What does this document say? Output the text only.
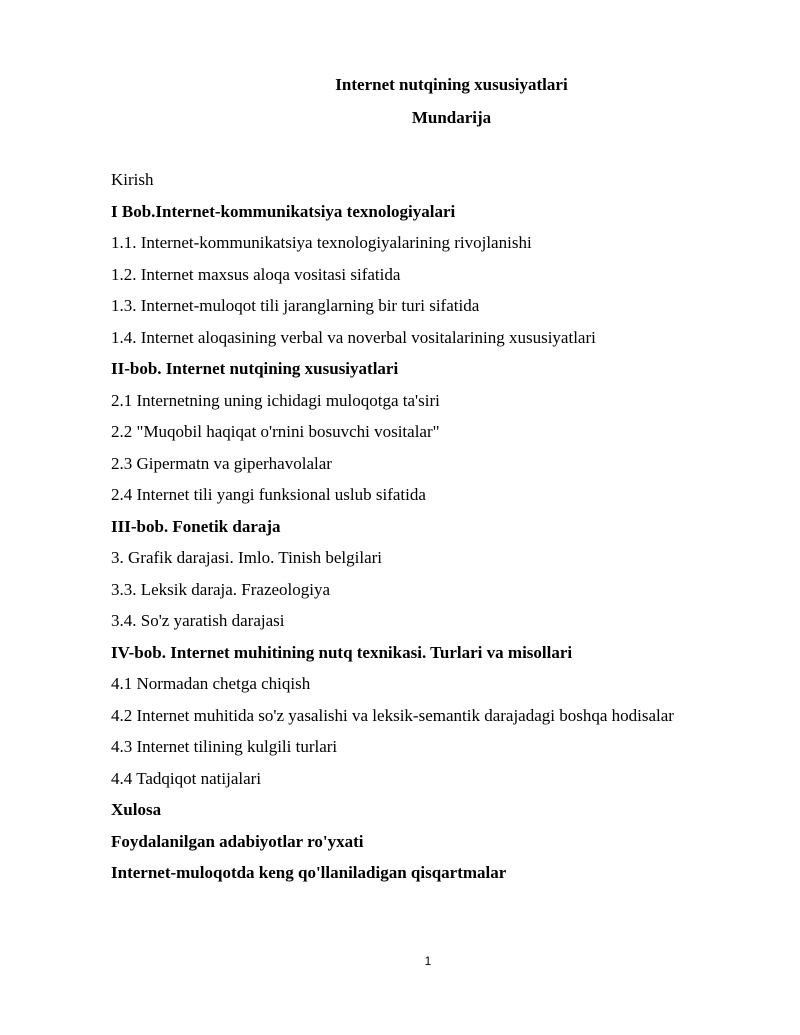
Internet nutqining xususiyatlari
Mundarija
Kirish
I Bob.Internet-kommunikatsiya texnologiyalari
1.1. Internet-kommunikatsiya texnologiyalarining rivojlanishi
1.2. Internet maxsus aloqa vositasi sifatida
1.3. Internet-muloqot tili jaranglarning bir turi sifatida
1.4. Internet aloqasining verbal va noverbal vositalarining xususiyatlari
II-bob. Internet nutqining xususiyatlari
2.1 Internetning uning ichidagi muloqotga ta'siri
2.2 "Muqobil haqiqat o'rnini bosuvchi vositalar"
2.3 Gipermatn va giperhavolalar
2.4 Internet tili yangi funksional uslub sifatida
III-bob. Fonetik daraja
3. Grafik darajasi. Imlo. Tinish belgilari
3.3. Leksik daraja. Frazeologiya
3.4. So'z yaratish darajasi
IV-bob. Internet muhitining nutq texnikasi. Turlari va misollari
4.1 Normadan chetga chiqish
4.2 Internet muhitida so'z yasalishi va leksik-semantik darajadagi boshqa hodisalar
4.3 Internet tilining kulgili turlari
4.4 Tadqiqot natijalari
Xulosa
Foydalanilgan adabiyotlar ro'yxati
Internet-muloqotda keng qo'llaniladigan qisqartmalar
1
